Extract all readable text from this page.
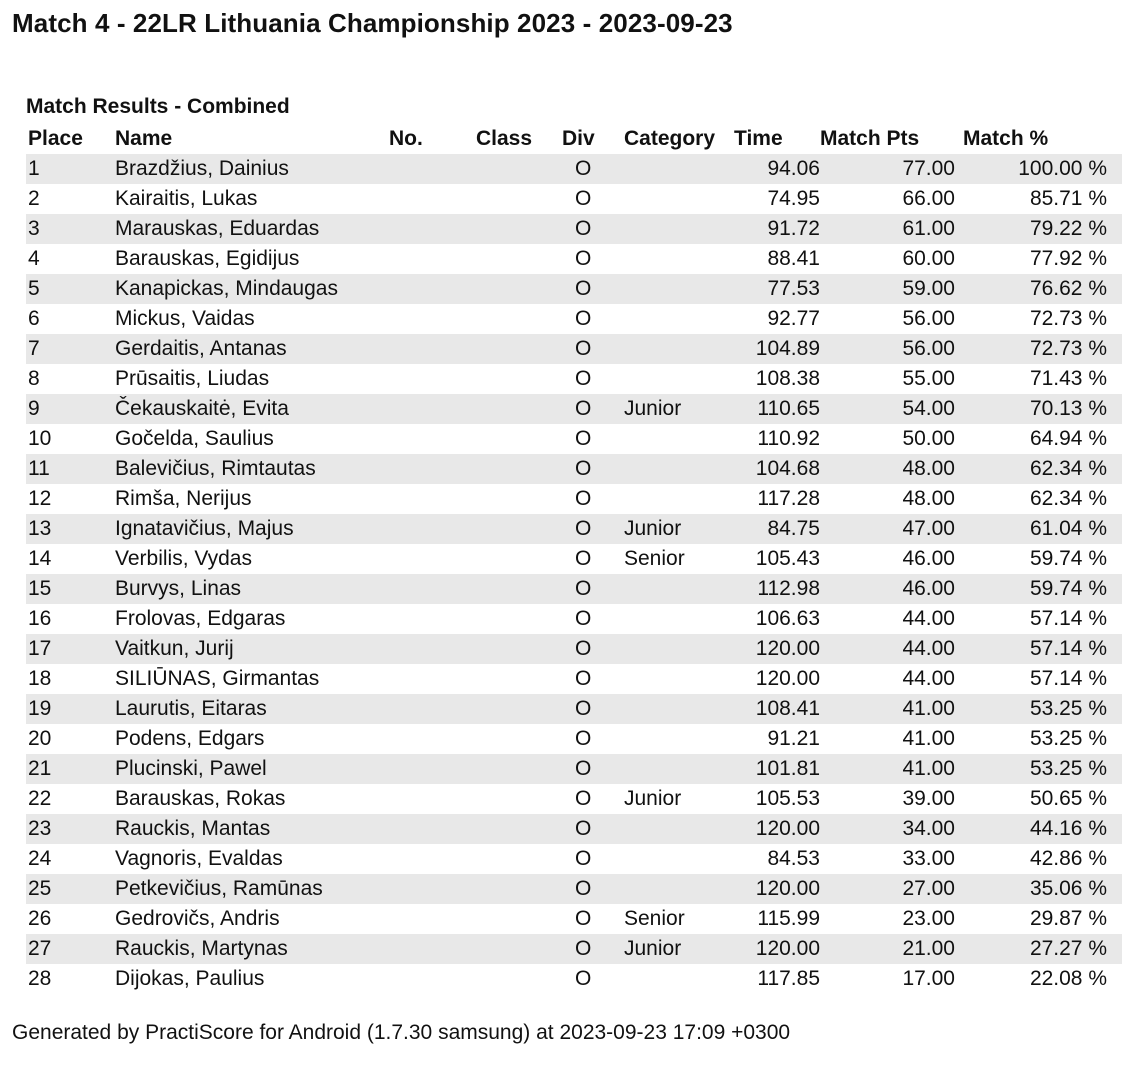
Match 4 - 22LR Lithuania Championship 2023 - 2023-09-23
Match Results - Combined
Place	Name	No.	Class	Div	Category	Time	Match Pts	Match %
1	Brazdžius, Dainius			O		94.06	77.00	100.00 %
2	Kairaitis, Lukas			O		74.95	66.00	85.71 %
3	Marauskas, Eduardas			O		91.72	61.00	79.22 %
4	Barauskas, Egidijus			O		88.41	60.00	77.92 %
5	Kanapickas, Mindaugas			O		77.53	59.00	76.62 %
6	Mickus, Vaidas			O		92.77	56.00	72.73 %
7	Gerdaitis, Antanas			O		104.89	56.00	72.73 %
8	Prūsaitis, Liudas			O		108.38	55.00	71.43 %
9	Čekauskaitė, Evita			O	Junior	110.65	54.00	70.13 %
10	Gočelda, Saulius			O		110.92	50.00	64.94 %
11	Balevičius, Rimtautas			O		104.68	48.00	62.34 %
12	Rimša, Nerijus			O		117.28	48.00	62.34 %
13	Ignatavičius, Majus			O	Junior	84.75	47.00	61.04 %
14	Verbilis, Vydas			O	Senior	105.43	46.00	59.74 %
15	Burvys, Linas			O		112.98	46.00	59.74 %
16	Frolovas, Edgaras			O		106.63	44.00	57.14 %
17	Vaitkun, Jurij			O		120.00	44.00	57.14 %
18	SILIŪNAS, Girmantas			O		120.00	44.00	57.14 %
19	Laurutis, Eitaras			O		108.41	41.00	53.25 %
20	Podens, Edgars			O		91.21	41.00	53.25 %
21	Plucinski, Pawel			O		101.81	41.00	53.25 %
22	Barauskas, Rokas			O	Junior	105.53	39.00	50.65 %
23	Rauckis, Mantas			O		120.00	34.00	44.16 %
24	Vagnoris, Evaldas			O		84.53	33.00	42.86 %
25	Petkevičius, Ramūnas			O		120.00	27.00	35.06 %
26	Gedrovičs, Andris			O	Senior	115.99	23.00	29.87 %
27	Rauckis, Martynas			O	Junior	120.00	21.00	27.27 %
28	Dijokas, Paulius			O		117.85	17.00	22.08 %
Generated by PractiScore for Android (1.7.30 samsung) at 2023-09-23 17:09 +0300
